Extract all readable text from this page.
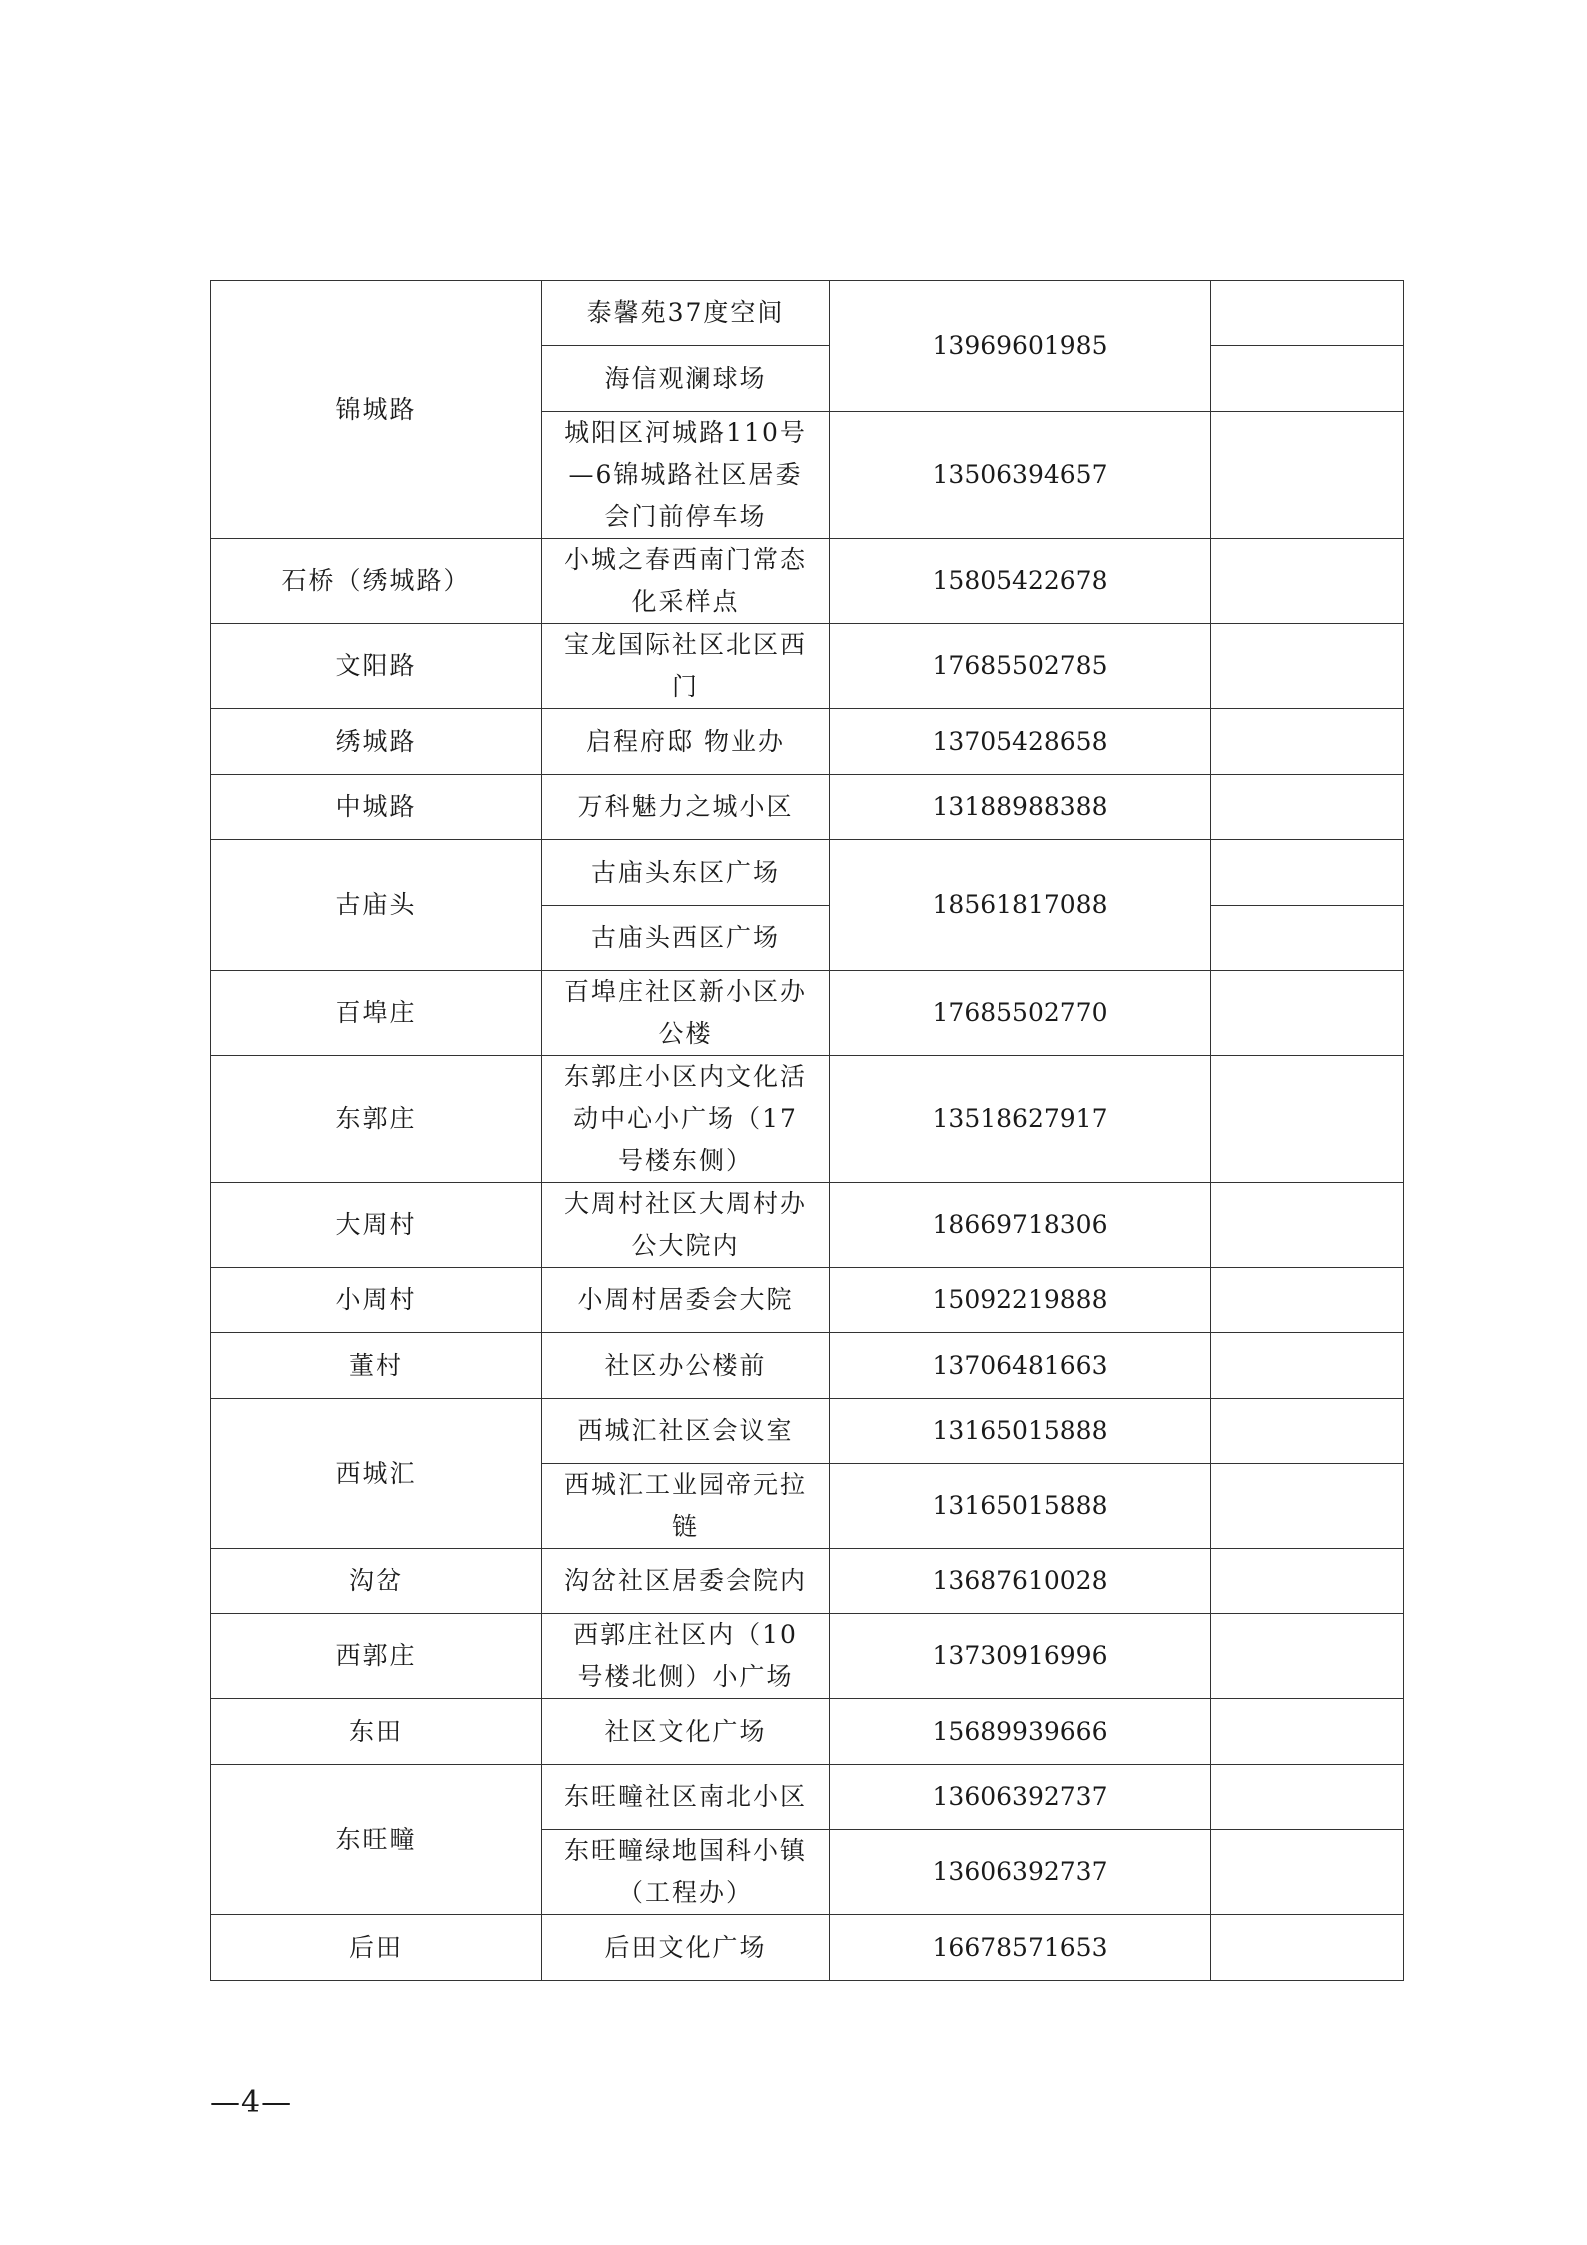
锦城路	泰馨苑37度空间	13969601985	
	海信观澜球场		
	城阳区河城路110号—6锦城路社区居委会门前停车场	13506394657	
石桥（绣城路）	小城之春西南门常态化采样点	15805422678	
文阳路	宝龙国际社区北区西门	17685502785	
绣城路	启程府邸 物业办	13705428658	
中城路	万科魅力之城小区	13188988388	
古庙头	古庙头东区广场	18561817088	
	古庙头西区广场		
百埠庄	百埠庄社区新小区办公楼	17685502770	
东郭庄	东郭庄小区内文化活动中心小广场（17号楼东侧）	13518627917	
大周村	大周村社区大周村办公大院内	18669718306	
小周村	小周村居委会大院	15092219888	
董村	社区办公楼前	13706481663	
西城汇	西城汇社区会议室	13165015888	
	西城汇工业园帝元拉链	13165015888	
沟岔	沟岔社区居委会院内	13687610028	
西郭庄	西郭庄社区内（10号楼北侧）小广场	13730916996	
东田	社区文化广场	15689939666	
东旺疃	东旺疃社区南北小区	13606392737	
	东旺疃绿地国科小镇（工程办）	13606392737	
后田	后田文化广场	16678571653	
—4—
